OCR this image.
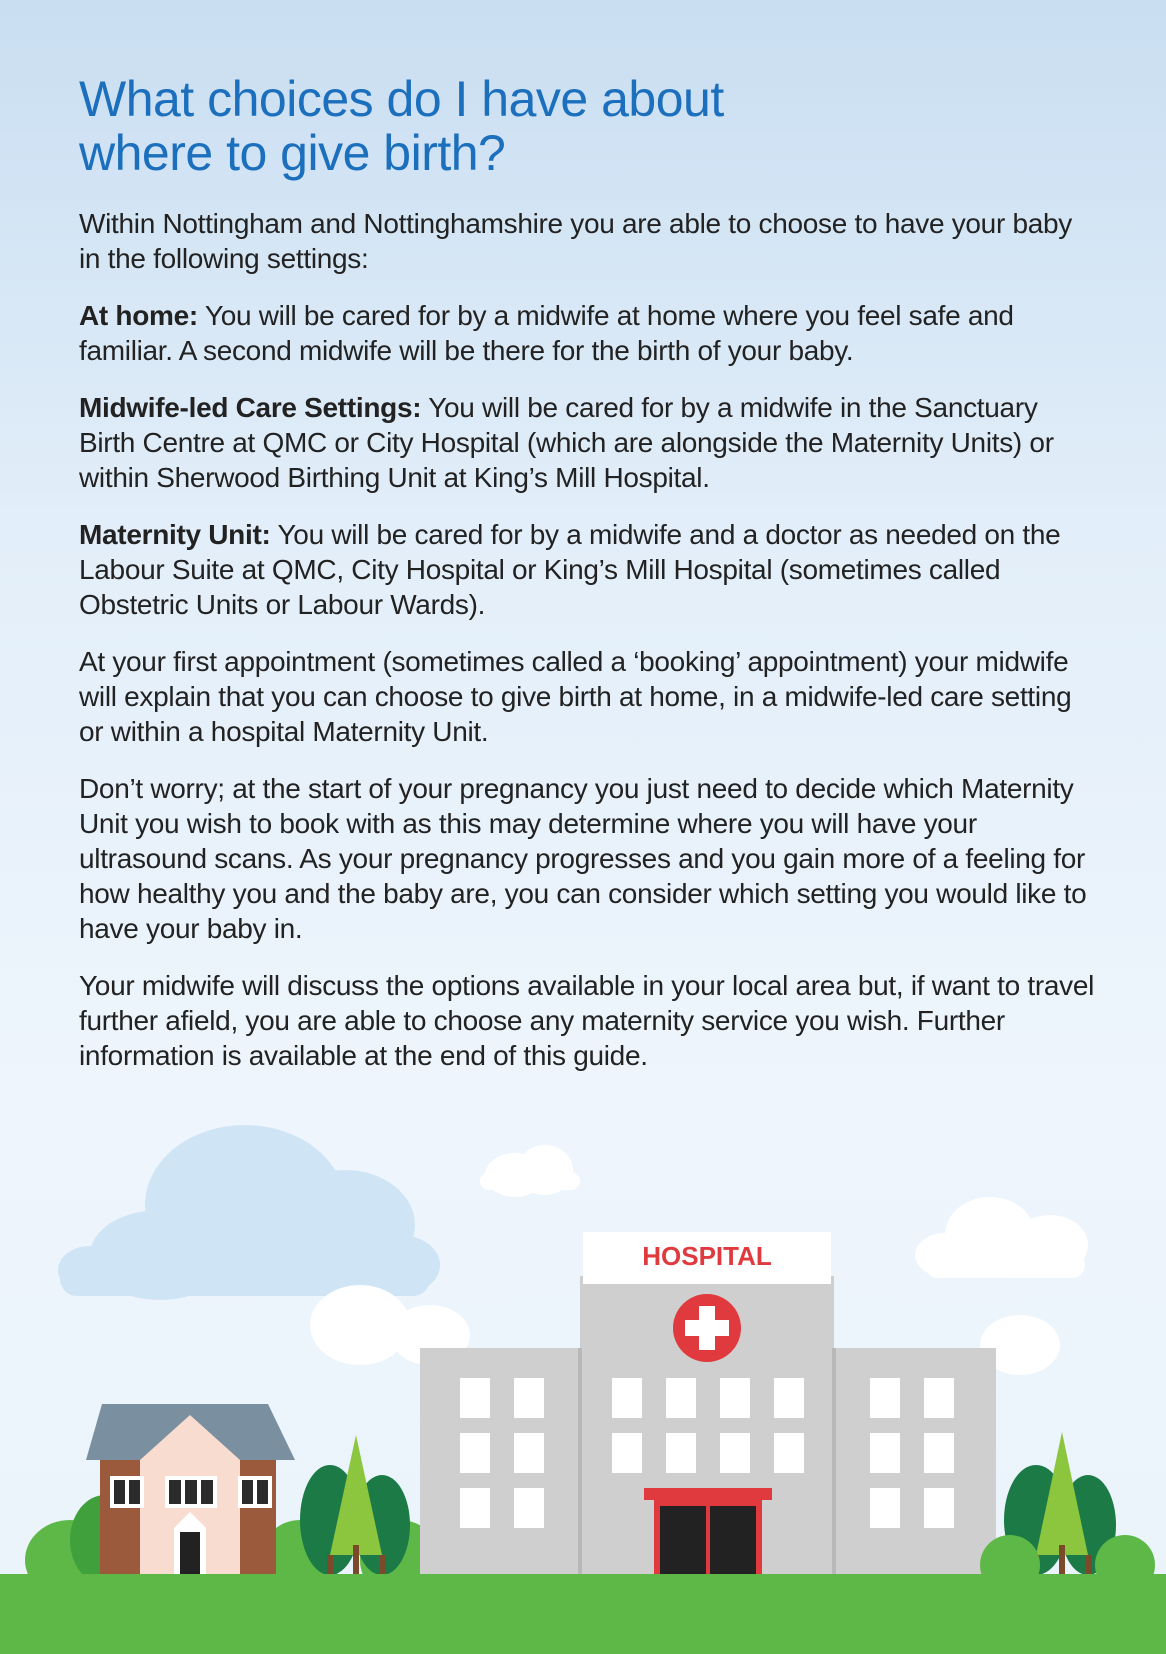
What choices do I have about
where to give birth?

Within Nottingham and Nottinghamshire you are able to choose to have your baby in the following settings:

At home: You will be cared for by a midwife at home where you feel safe and familiar. A second midwife will be there for the birth of your baby.

Midwife-led Care Settings: You will be cared for by a midwife in the Sanctuary Birth Centre at QMC or City Hospital (which are alongside the Maternity Units) or within Sherwood Birthing Unit at King’s Mill Hospital.

Maternity Unit: You will be cared for by a midwife and a doctor as needed on the Labour Suite at QMC, City Hospital or King’s Mill Hospital (sometimes called Obstetric Units or Labour Wards).

At your first appointment (sometimes called a ‘booking’ appointment) your midwife will explain that you can choose to give birth at home, in a midwife-led care setting or within a hospital Maternity Unit.

Don’t worry; at the start of your pregnancy you just need to decide which Maternity Unit you wish to book with as this may determine where you will have your ultrasound scans. As your pregnancy progresses and you gain more of a feeling for how healthy you and the baby are, you can consider which setting you would like to have your baby in.

Your midwife will discuss the options available in your local area but, if want to travel further afield, you are able to choose any maternity service you wish. Further information is available at the end of this guide.

HOSPITAL
